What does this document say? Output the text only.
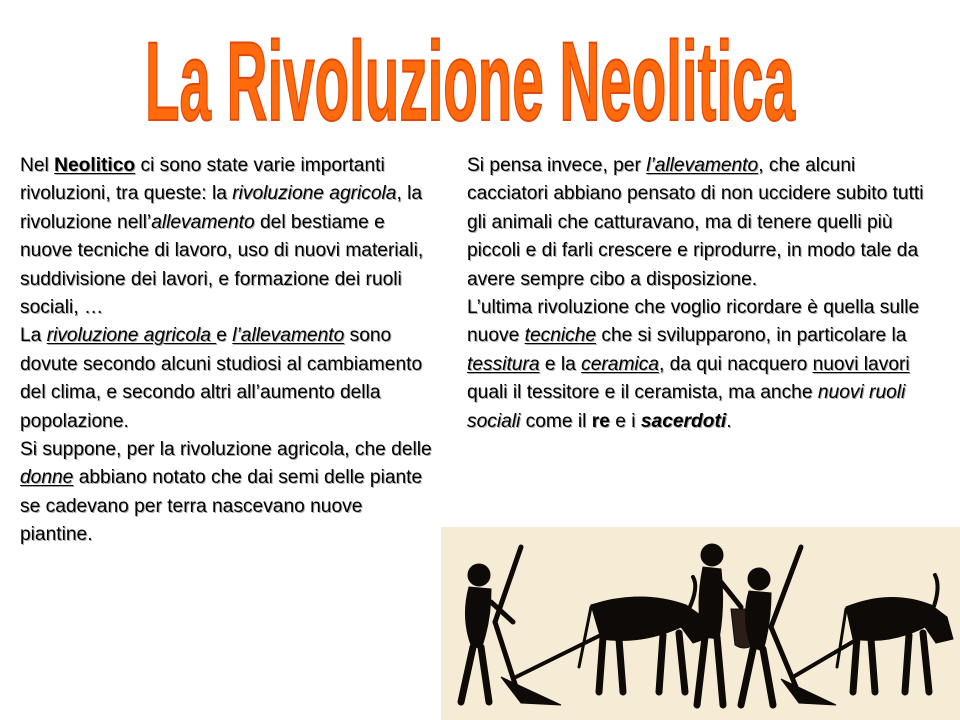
La Rivoluzione Neolitica

Nel Neolitico ci sono state varie importanti rivoluzioni, tra queste: la rivoluzione agricola, la rivoluzione nell’allevamento del bestiame e nuove tecniche di lavoro, uso di nuovi materiali, suddivisione dei lavori, e formazione dei ruoli sociali, …

La rivoluzione agricola e l’allevamento sono dovute secondo alcuni studiosi al cambiamento del clima, e secondo altri all’aumento della popolazione.

Si suppone, per la rivoluzione agricola, che delle donne abbiano notato che dai semi delle piante se cadevano per terra nascevano nuove piantine.

Si pensa invece, per l’allevamento, che alcuni cacciatori abbiano pensato di non uccidere subito tutti gli animali che catturavano, ma di tenere quelli più piccoli e di farli crescere e riprodurre, in modo tale da avere sempre cibo a disposizione.

L’ultima rivoluzione che voglio ricordare è quella sulle nuove tecniche che si svilupparono, in particolare la tessitura e la ceramica, da qui nacquero nuovi lavori quali il tessitore e il ceramista, ma anche nuovi ruoli sociali come il re e i sacerdoti.
